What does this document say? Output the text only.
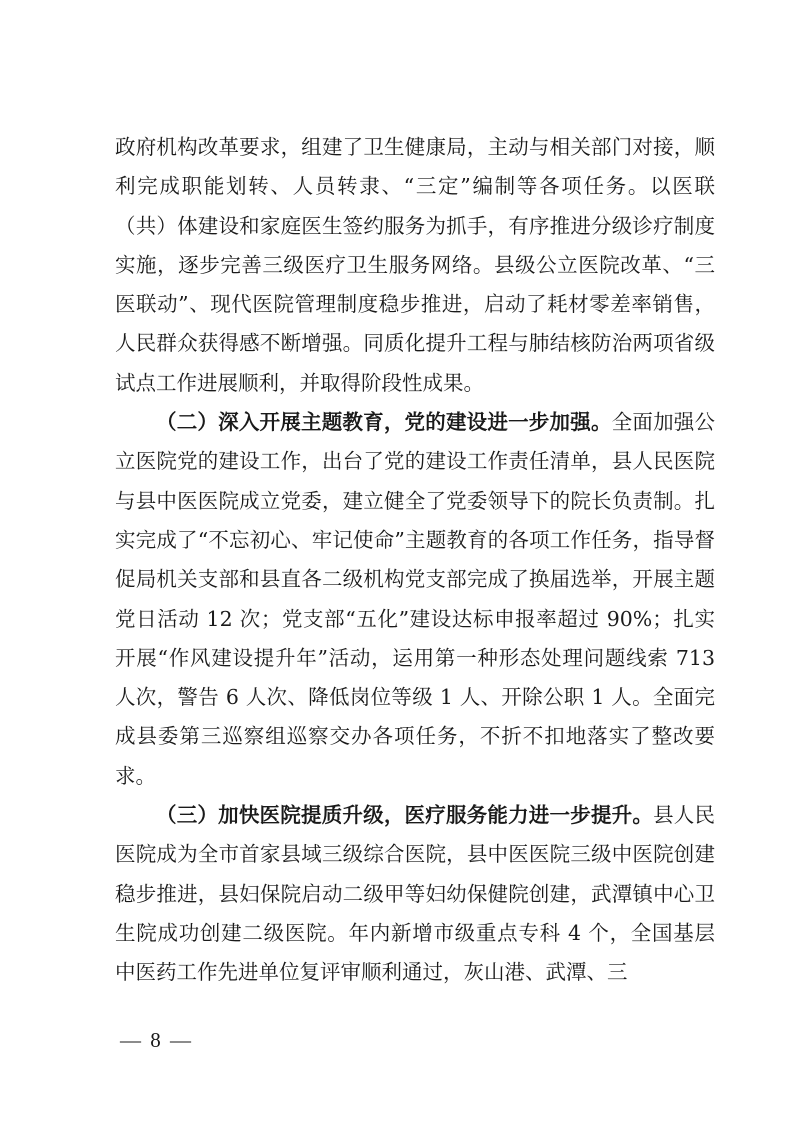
政府机构改革要求，组建了卫生健康局，主动与相关部门对接，顺利完成职能划转、人员转隶、“三定”编制等各项任务。以医联（共）体建设和家庭医生签约服务为抓手，有序推进分级诊疗制度实施，逐步完善三级医疗卫生服务网络。县级公立医院改革、“三医联动”、现代医院管理制度稳步推进，启动了耗材零差率销售，人民群众获得感不断增强。同质化提升工程与肺结核防治两项省级试点工作进展顺利，并取得阶段性成果。

（二）深入开展主题教育，党的建设进一步加强。全面加强公立医院党的建设工作，出台了党的建设工作责任清单，县人民医院与县中医医院成立党委，建立健全了党委领导下的院长负责制。扎实完成了“不忘初心、牢记使命”主题教育的各项工作任务，指导督促局机关支部和县直各二级机构党支部完成了换届选举，开展主题党日活动 12 次；党支部“五化”建设达标申报率超过 90%；扎实开展“作风建设提升年”活动，运用第一种形态处理问题线索 713 人次，警告 6 人次、降低岗位等级 1 人、开除公职 1 人。全面完成县委第三巡察组巡察交办各项任务，不折不扣地落实了整改要求。

（三）加快医院提质升级，医疗服务能力进一步提升。县人民医院成为全市首家县域三级综合医院，县中医医院三级中医院创建稳步推进，县妇保院启动二级甲等妇幼保健院创建，武潭镇中心卫生院成功创建二级医院。年内新增市级重点专科 4 个，全国基层中医药工作先进单位复评审顺利通过，灰山港、武潭、三

— 8 —
